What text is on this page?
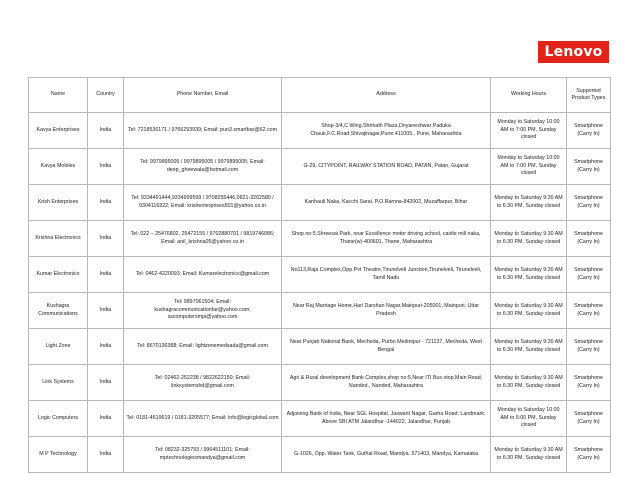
Lenovo
Name	Country	Phone Number, Email	Address	Working Hours	Supported Product Types
Kavya Enterprises	India	Tel: 7218536171 / 9766293939; Email: pun3.smartbar@62.com	Shop-3/4,C Wing,Shrinath Plaza,Dnyaneshwar Paduka Chauk,F.C.Road,Shivajinagar,Pune.411005., Pune, Maharashtra	Monday to Saturday 10:00 AM to 7:00 PM, Sunday closed	Smartphone (Carry In)
Kavya Mobiles	India	Tel: 9979895005 / 9979895005 / 9979895005; Email: deep_gheewala@hotmail.com	G-29, CITYPOINT, RAILWAY STATION ROAD, PATAN, Patan, Gujarat	Monday to Saturday 10:00 AM to 7:00 PM, Sunday closed	Smartphone (Carry In)
Krish Enterprises	India	Tel: 9334491444,9334999599 / 9708255446,0621-3202580 / 9304116322; Email: krishenterprises501@yahoo.co.in	Kanhauli Naka, Kacchi Sarai, P.O.Ramna-842002, Muzaffarpur, Bihar	Monday to Saturday 9:30 AM to 6:30 PM, Sunday closed	Smartphone (Carry In)
Krishna Electronics	India	Tel: 022 – 25476802, 25472155 / 9702880701 / 9819746086; Email: anil_krishna05@yahoo.co.in	Shop no:5,Shreesai Park, near Excellence motor driving school, castle mill naka, Thane(w)-400601, Thane, Maharashtra	Monday to Saturday 9:30 AM to 6:30 PM, Sunday closed	Smartphone (Carry In)
Kumar Electronics	India	Tel: 0462-4220093; Email: Kumarelectronics@gmail.com	No113,Raja Complex,Opp Pvt Theatre,Tirunelveli Junction,Tirunelveli, Tirunelveli, Tamil Nadu	Monday to Saturday 9:30 AM to 6:30 PM, Sunday closed	Smartphone (Carry In)
Kushagra Communications	India	Tel: 9897061504; Email: kushagracommunicationfar@yahoo.com; sscomputersmpi@yahoo.com	Near Raj Marriage Home,Hari Darshan Nagar,Mainpuri-205001, Mainpuri, Uttar Pradesh	Monday to Saturday 9:30 AM to 6:30 PM, Sunday closed	Smartphone (Carry In)
Light Zone	India	Tel: 8670136388; Email: lightzonemedsada@gmail.com	Near Punjab National Bank, Mecheda, Purbo Medinipur - 721137, Mecheda, West Bengal	Monday to Saturday 9:30 AM to 6:30 PM, Sunday closed	Smartphone (Carry In)
Link Systems	India	Tel: 02462-252238 / 9822622150; Email: linksystemshd@gmail.com	Agri & Rural development Bank Complex,shop no:5,Near ITI Bus stop,Main Road, Nanded., Nanded, Maharashtra	Monday to Saturday 9:30 AM to 6:30 PM, Sunday closed	Smartphone (Carry In)
Logic Computers	India	Tel: 0181-4619619 / 0181-3205577; Email: info@logicglobal.com	Adjoining Bank of India, Near SGL Hospital, Jaswant Nagar, Garha Road; Landmark: Above SBI ATM Jalandhar -144022, Jalandhar, Punjab	Monday to Saturday 10:00 AM to 6:00 PM, Sunday closed	Smartphone (Carry In)
M P Technology	India	Tel: 08232-325793 / 9964511101; Email: mptechnologiesmandya@gmail.com	G-1026, Opp. Water Tank, Guthal Road, Mandya. 571403, Mandya, Karnataka	Monday to Saturday 9:30 AM to 6:30 PM, Sunday closed	Smartphone (Carry In)
